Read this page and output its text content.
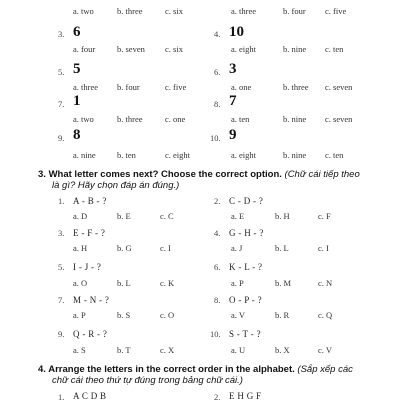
a. two	b. three	c. six	a. three	b. four c. five
3. 6
a. four	b. seven c. six
4. 10
a. eight	b. nine c. ten
5. 5
a. three b. four	c. five
6. 3
a. one	b. three c. seven
7. 1
a. two	b. three	c. one
8. 7
a. ten	b. nine c. seven
9. 8
a. nine	b. ten	c. eight
10. 9
a. eight	b. nine c. ten
3. What letter comes next? Choose the correct option. (Chữ cái tiếp theo
là gì? Hãy chọn đáp án đúng.)
1. A - B - ?
a. D	b. E	c. C
2. C - D - ?
a. E	b. H	c. F
3. E - F - ?
a. H	b. G	c. I
4. G - H - ?
a. J	b. L	c. I
5. I - J - ?
a. O	b. L	c. K
6. K - L - ?
a. P	b. M	c. N
7. M - N - ?
a. P	b. S	c. O
8. O - P - ?
a. V	b. R	c. Q
9. Q - R - ?
a. S	b. T	c. X
10. S - T - ?
a. U	b. X	c. V
4. Arrange the letters in the correct order in the alphabet. (Sắp xếp các
chữ cái theo thứ tự đúng trong bảng chữ cái.)
1. A C D B	2. E H G F
